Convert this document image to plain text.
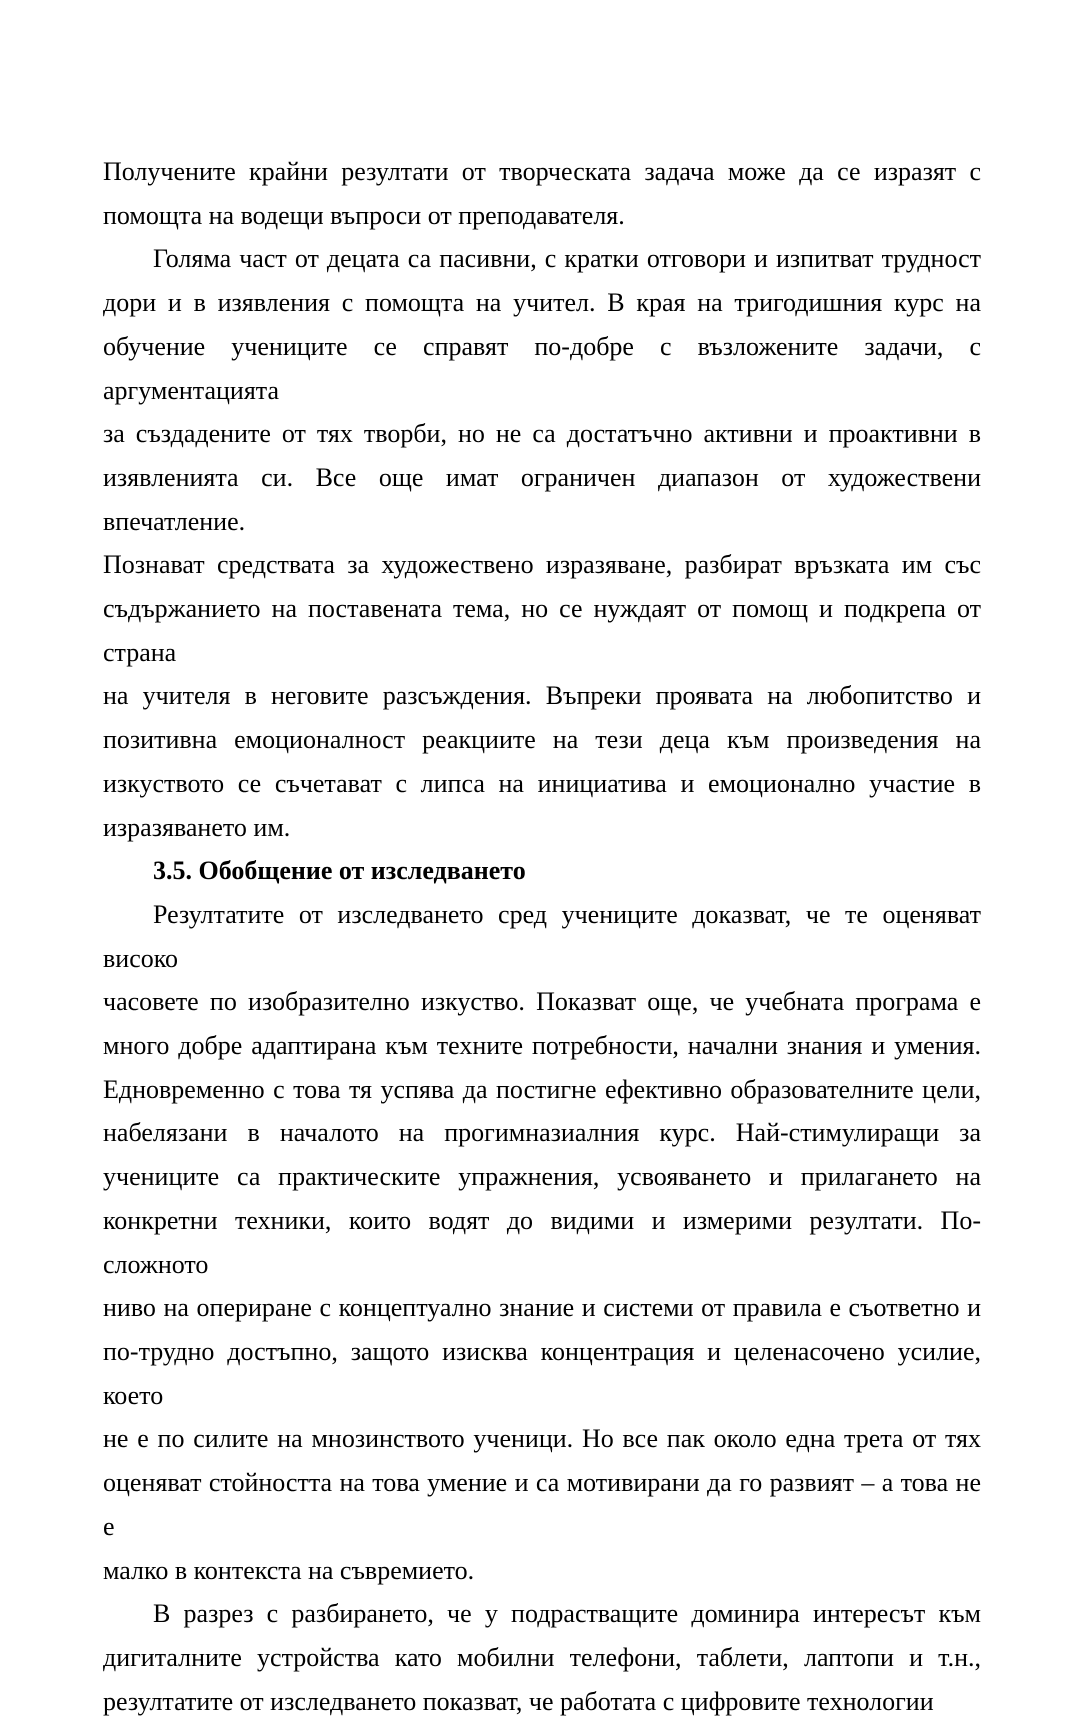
Получените крайни резултати от творческата задача може да се изразят с
помощта на водещи въпроси от преподавателя.
Голяма част от децата са пасивни, с кратки отговори и изпитват трудност
дори и в изявления с помощта на учител. В края на тригодишния курс на
обучение учениците се справят по-добре с възложените задачи, с аргументацията
за създадените от тях творби, но не са достатъчно активни и проактивни в
изявленията си. Все още имат ограничен диапазон от художествени впечатление.
Познават средствата за художествено изразяване, разбират връзката им със
съдържанието на поставената тема, но се нуждаят от помощ и подкрепа от страна
на учителя в неговите разсъждения. Въпреки проявата на любопитство и
позитивна емоционалност реакциите на тези деца към произведения на
изкуството се съчетават с липса на инициатива и емоционално участие в
изразяването им.
3.5. Обобщение от изследването
Резултатите от изследването сред учениците доказват, че те оценяват високо
часовете по изобразително изкуство. Показват още, че учебната програма е
много добре адаптирана към техните потребности, начални знания и умения.
Едновременно с това тя успява да постигне ефективно образователните цели,
набелязани в началото на прогимназиалния курс. Най-стимулиращи за
учениците са практическите упражнения, усвояването и прилагането на
конкретни техники, които водят до видими и измерими резултати. По-сложното
ниво на опериране с концептуално знание и системи от правила е съответно и
по-трудно достъпно, защото изисква концентрация и целенасочено усилие, което
не е по силите на мнозинството ученици. Но все пак около една трета от тях
оценяват стойността на това умение и са мотивирани да го развият – а това не е
малко в контекста на съвремието.
В разрез с разбирането, че у подрастващите доминира интересът към
дигиталните устройства като мобилни телефони, таблети, лаптопи и т.н.,
резултатите от изследването показват, че работата с цифровите технологии
